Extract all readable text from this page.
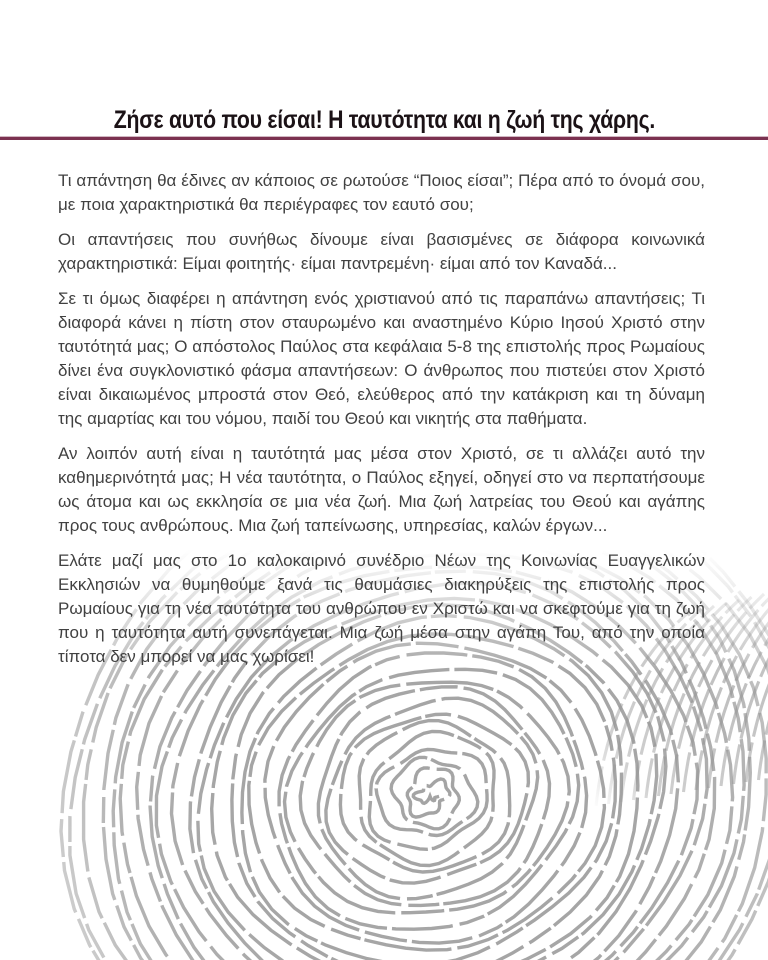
Ζήσε αυτό που είσαι! Η ταυτότητα και η ζωή της χάρης.

Τι απάντηση θα έδινες αν κάποιος σε ρωτούσε “Ποιος είσαι”; Πέρα από το όνομά σου, με ποια χαρακτηριστικά θα περιέγραφες τον εαυτό σου;

Οι απαντήσεις που συνήθως δίνουμε είναι βασισμένες σε διάφορα κοινωνικά χαρακτηριστικά: Είμαι φοιτητής· είμαι παντρεμένη· είμαι από τον Καναδά...

Σε τι όμως διαφέρει η απάντηση ενός χριστιανού από τις παραπάνω απαντήσεις; Τι διαφορά κάνει η πίστη στον σταυρωμένο και αναστημένο Κύριο Ιησού Χριστό στην ταυτότητά μας; Ο απόστολος Παύλος στα κεφάλαια 5-8 της επιστολής προς Ρωμαίους δίνει ένα συγκλονιστικό φάσμα απαντήσεων: Ο άνθρωπος που πιστεύει στον Χριστό είναι δικαιωμένος μπροστά στον Θεό, ελεύθερος από την κατάκριση και τη δύναμη της αμαρτίας και του νόμου, παιδί του Θεού και νικητής στα παθήματα.

Αν λοιπόν αυτή είναι η ταυτότητά μας μέσα στον Χριστό, σε τι αλλάζει αυτό την καθημερινότητά μας; Η νέα ταυτότητα, ο Παύλος εξηγεί, οδηγεί στο να περπατήσουμε ως άτομα και ως εκκλησία σε μια νέα ζωή. Μια ζωή λατρείας του Θεού και αγάπης προς τους ανθρώπους. Μια ζωή ταπείνωσης, υπηρεσίας, καλών έργων...

Ελάτε μαζί μας στο 1ο καλοκαιρινό συνέδριο Νέων της Κοινωνίας Ευαγγελικών Εκκλησιών να θυμηθούμε ξανά τις θαυμάσιες διακηρύξεις της επιστολής προς Ρωμαίους για τη νέα ταυτότητα του ανθρώπου εν Χριστώ και να σκεφτούμε για τη ζωή που η ταυτότητα αυτή συνεπάγεται. Μια ζωή μέσα στην αγάπη Του, από την οποία τίποτα δεν μπορεί να μας χωρίσει!
